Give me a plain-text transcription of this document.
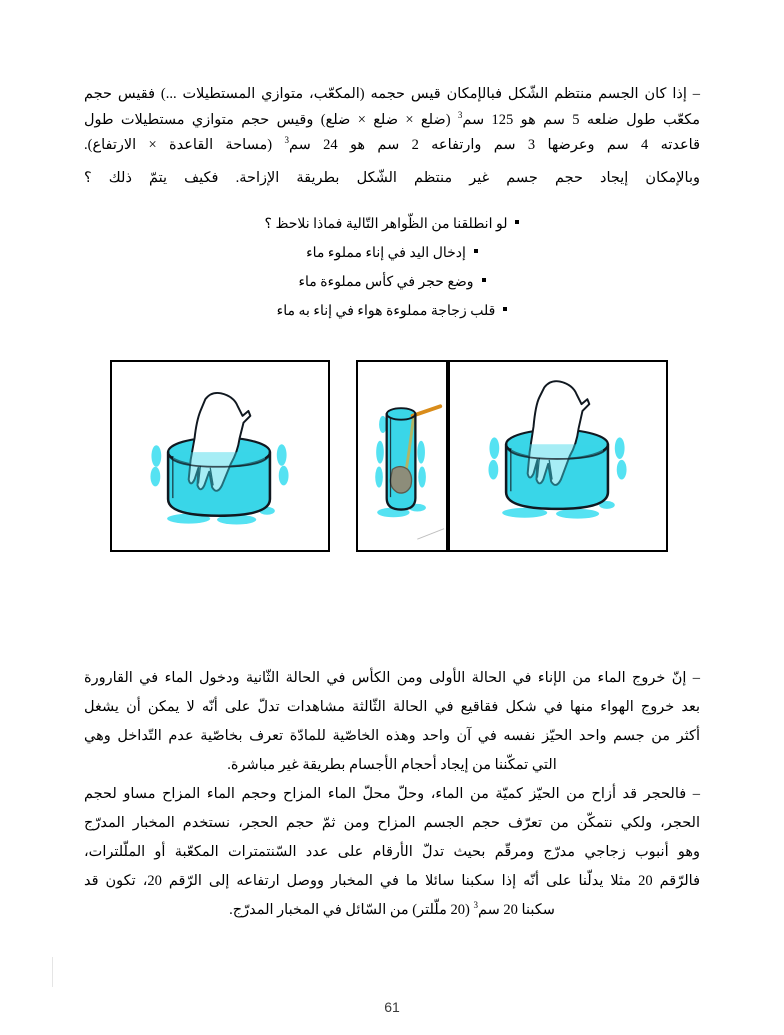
– إذا كان الجسم منتظم الشّكل فبالإمكان قيس حجمه (المكعّب، متوازي المستطيلات ...) فقيس حجم
مكعّب طول ضلعه 5 سم هو 125 سم$^3$ (ضلع × ضلع × ضلع) وقيس حجم متوازي مستطيلات طول
قاعدته 4 سم وعرضها 3 سم وارتفاعه 2 سم هو 24 سم$^3$ (مساحة القاعدة × الارتفاع).
وبالإمكان إيجاد حجم جسم غير منتظم الشّكل بطريقة الإزاحة. فكيف يتمّ ذلك ؟
لو انطلقنا من الظّواهر التّالية فماذا نلاحظ ؟
إدخال اليد في إناء مملوء ماء
وضع حجر في كأس مملوءة ماء
قلب زجاجة مملوءة هواء في إناء به ماء
– إنّ خروج الماء من الإناء في الحالة الأولى ومن الكأس في الحالة الثّانية ودخول الماء في القارورة
بعد خروج الهواء منها في شكل فقاقيع في الحالة الثّالثة مشاهدات تدلّ على أنّه لا يمكن أن يشغل
أكثر من جسم واحد الحيّز نفسه في آن واحد وهذه الخاصّية للمادّة تعرف بخاصّية عدم التّداخل وهي
التي تمكّننا من إيجاد أحجام الأجسام بطريقة غير مباشرة.
– فالحجر قد أزاح من الحيّز كميّة من الماء، وحلّ محلّ الماء المزاح وحجم الماء المزاح مساو لحجم
الحجر، ولكي نتمكّن من تعرّف حجم الجسم المزاح ومن ثمّ حجم الحجر، نستخدم المخبار المدرّج
وهو أنبوب زجاجي مدرّج ومرقّم بحيث تدلّ الأرقام على عدد السّنتمترات المكعّبة أو الملّلترات،
فالرّقم 20 مثلا يدلّنا على أنّه إذا سكبنا سائلا ما في المخبار ووصل ارتفاعه إلى الرّقم 20، تكون قد
سكبنا 20 سم$^3$ (20 ملّلتر) من السّائل في المخبار المدرّج.
61
